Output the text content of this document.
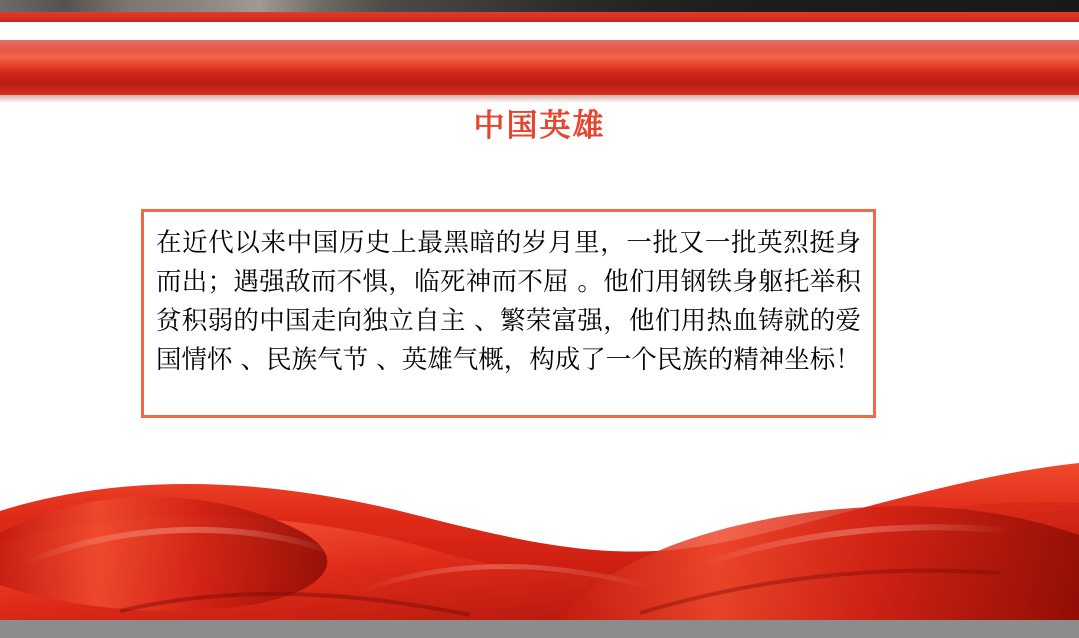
中国英雄
在近代以来中国历史上最黑暗的岁月里，一批又一批英烈挺身而出；遇强敌而不惧，临死神而不屈 。他们用钢铁身躯托举积贫积弱的中国走向独立自主 、繁荣富强，他们用热血铸就的爱国情怀 、民族气节 、英雄气概，构成了一个民族的精神坐标！
